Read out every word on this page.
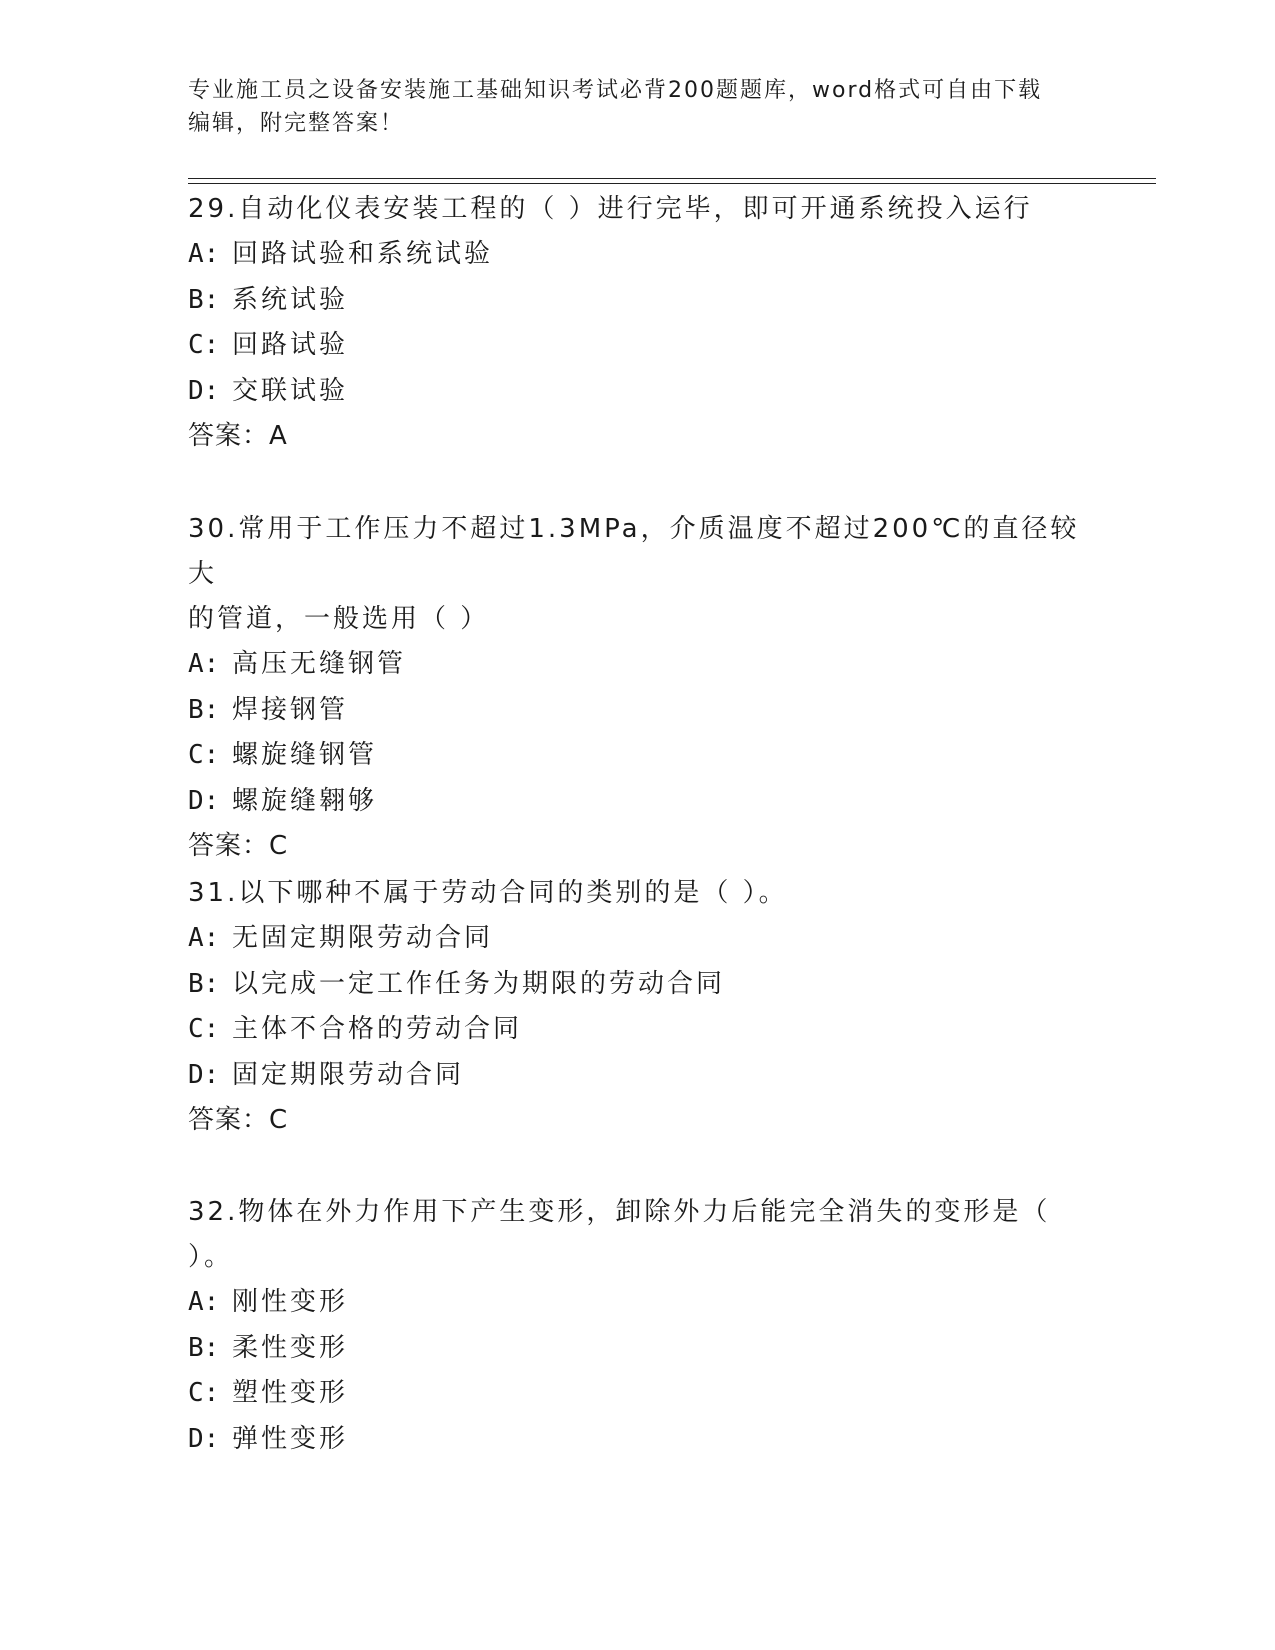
专业施工员之设备安装施工基础知识考试必背200题题库，word格式可自由下载
编辑，附完整答案！
29.自动化仪表安装工程的（ ）进行完毕，即可开通系统投入运行
A: 回路试验和系统试验
B: 系统试验
C: 回路试验
D: 交联试验
答案：A
30.常用于工作压力不超过1.3MPa，介质温度不超过200℃的直径较大
的管道，一般选用（ ）
A: 高压无缝钢管
B: 焊接钢管
C: 螺旋缝钢管
D: 螺旋缝翱够
答案：C
31.以下哪种不属于劳动合同的类别的是（ ）。
A: 无固定期限劳动合同
B: 以完成一定工作任务为期限的劳动合同
C: 主体不合格的劳动合同
D: 固定期限劳动合同
答案：C
32.物体在外力作用下产生变形，卸除外力后能完全消失的变形是（
）。
A: 刚性变形
B: 柔性变形
C: 塑性变形
D: 弹性变形
